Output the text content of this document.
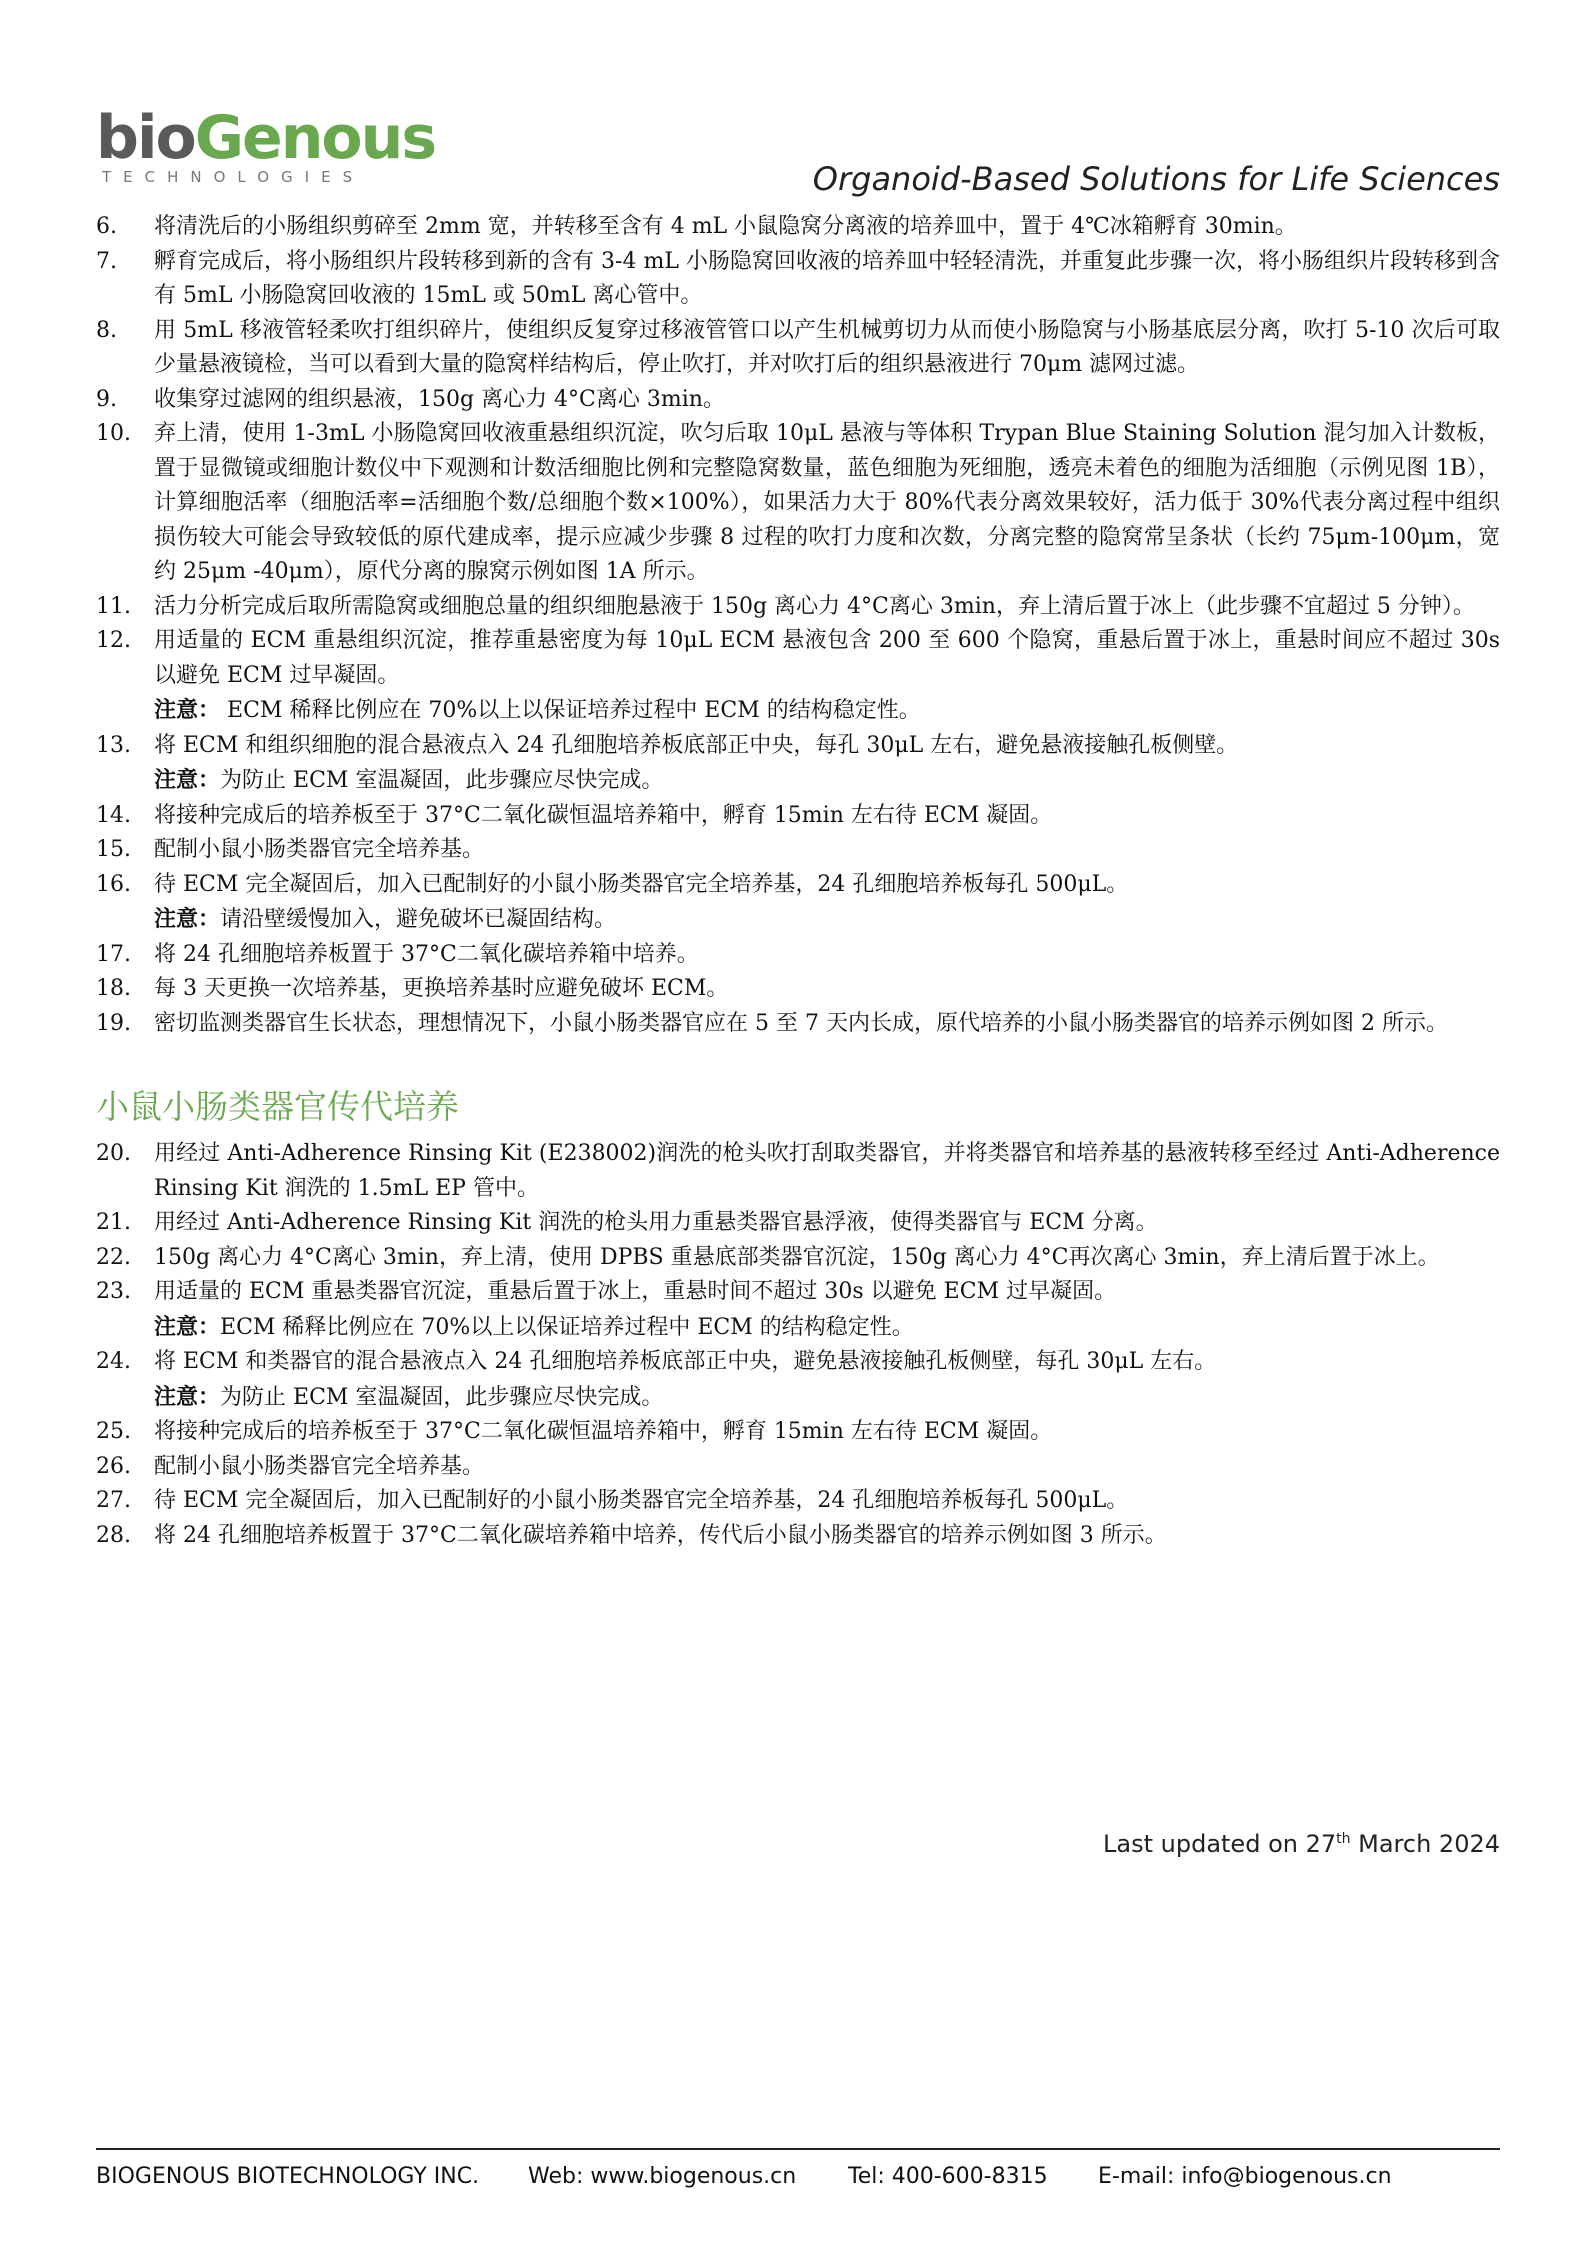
bioGenous
TECHNOLOGIES	Organoid-Based Solutions for Life Sciences
6. 将清洗后的小肠组织剪碎至 2mm 宽，并转移至含有 4 mL 小鼠隐窝分离液的培养皿中，置于 4℃冰箱孵育 30min。
7. 孵育完成后，将小肠组织片段转移到新的含有 3-4 mL 小肠隐窝回收液的培养皿中轻轻清洗，并重复此步骤一次，将小肠组织片段转移到含有 5mL 小肠隐窝回收液的 15mL 或 50mL 离心管中。
8. 用 5mL 移液管轻柔吹打组织碎片，使组织反复穿过移液管管口以产生机械剪切力从而使小肠隐窝与小肠基底层分离，吹打 5-10 次后可取少量悬液镜检，当可以看到大量的隐窝样结构后，停止吹打，并对吹打后的组织悬液进行 70μm 滤网过滤。
9. 收集穿过滤网的组织悬液，150g 离心力 4°C离心 3min。
10. 弃上清，使用 1-3mL 小肠隐窝回收液重悬组织沉淀，吹匀后取 10μL 悬液与等体积 Trypan Blue Staining Solution 混匀加入计数板，置于显微镜或细胞计数仪中下观测和计数活细胞比例和完整隐窝数量，蓝色细胞为死细胞，透亮未着色的细胞为活细胞（示例见图 1B），计算细胞活率（细胞活率=活细胞个数/总细胞个数×100%），如果活力大于 80%代表分离效果较好，活力低于 30%代表分离过程中组织损伤较大可能会导致较低的原代建成率，提示应减少步骤 8 过程的吹打力度和次数，分离完整的隐窝常呈条状（长约 75μm-100μm，宽约 25μm -40μm），原代分离的腺窝示例如图 1A 所示。
11. 活力分析完成后取所需隐窝或细胞总量的组织细胞悬液于 150g 离心力 4°C离心 3min，弃上清后置于冰上（此步骤不宜超过 5 分钟）。
12. 用适量的 ECM 重悬组织沉淀，推荐重悬密度为每 10μL ECM 悬液包含 200 至 600 个隐窝，重悬后置于冰上，重悬时间应不超过 30s 以避免 ECM 过早凝固。
注意： ECM 稀释比例应在 70%以上以保证培养过程中 ECM 的结构稳定性。
13. 将 ECM 和组织细胞的混合悬液点入 24 孔细胞培养板底部正中央，每孔 30μL 左右，避免悬液接触孔板侧壁。
注意：为防止 ECM 室温凝固，此步骤应尽快完成。
14. 将接种完成后的培养板至于 37°C二氧化碳恒温培养箱中，孵育 15min 左右待 ECM 凝固。
15. 配制小鼠小肠类器官完全培养基。
16. 待 ECM 完全凝固后，加入已配制好的小鼠小肠类器官完全培养基，24 孔细胞培养板每孔 500μL。
注意：请沿壁缓慢加入，避免破坏已凝固结构。
17. 将 24 孔细胞培养板置于 37°C二氧化碳培养箱中培养。
18. 每 3 天更换一次培养基，更换培养基时应避免破坏 ECM。
19. 密切监测类器官生长状态，理想情况下，小鼠小肠类器官应在 5 至 7 天内长成，原代培养的小鼠小肠类器官的培养示例如图 2 所示。
小鼠小肠类器官传代培养
20. 用经过 Anti-Adherence Rinsing Kit (E238002)润洗的枪头吹打刮取类器官，并将类器官和培养基的悬液转移至经过 Anti-Adherence Rinsing Kit 润洗的 1.5mL EP 管中。
21. 用经过 Anti-Adherence Rinsing Kit 润洗的枪头用力重悬类器官悬浮液，使得类器官与 ECM 分离。
22. 150g 离心力 4°C离心 3min，弃上清，使用 DPBS 重悬底部类器官沉淀，150g 离心力 4°C再次离心 3min，弃上清后置于冰上。
23. 用适量的 ECM 重悬类器官沉淀，重悬后置于冰上，重悬时间不超过 30s 以避免 ECM 过早凝固。
注意：ECM 稀释比例应在 70%以上以保证培养过程中 ECM 的结构稳定性。
24. 将 ECM 和类器官的混合悬液点入 24 孔细胞培养板底部正中央，避免悬液接触孔板侧壁，每孔 30μL 左右。
注意：为防止 ECM 室温凝固，此步骤应尽快完成。
25. 将接种完成后的培养板至于 37°C二氧化碳恒温培养箱中，孵育 15min 左右待 ECM 凝固。
26. 配制小鼠小肠类器官完全培养基。
27. 待 ECM 完全凝固后，加入已配制好的小鼠小肠类器官完全培养基，24 孔细胞培养板每孔 500μL。
28. 将 24 孔细胞培养板置于 37°C二氧化碳培养箱中培养，传代后小鼠小肠类器官的培养示例如图 3 所示。
Last updated on 27th March 2024
BIOGENOUS BIOTECHNOLOGY INC.	Web: www.biogenous.cn	Tel: 400-600-8315	E-mail: info@biogenous.cn
